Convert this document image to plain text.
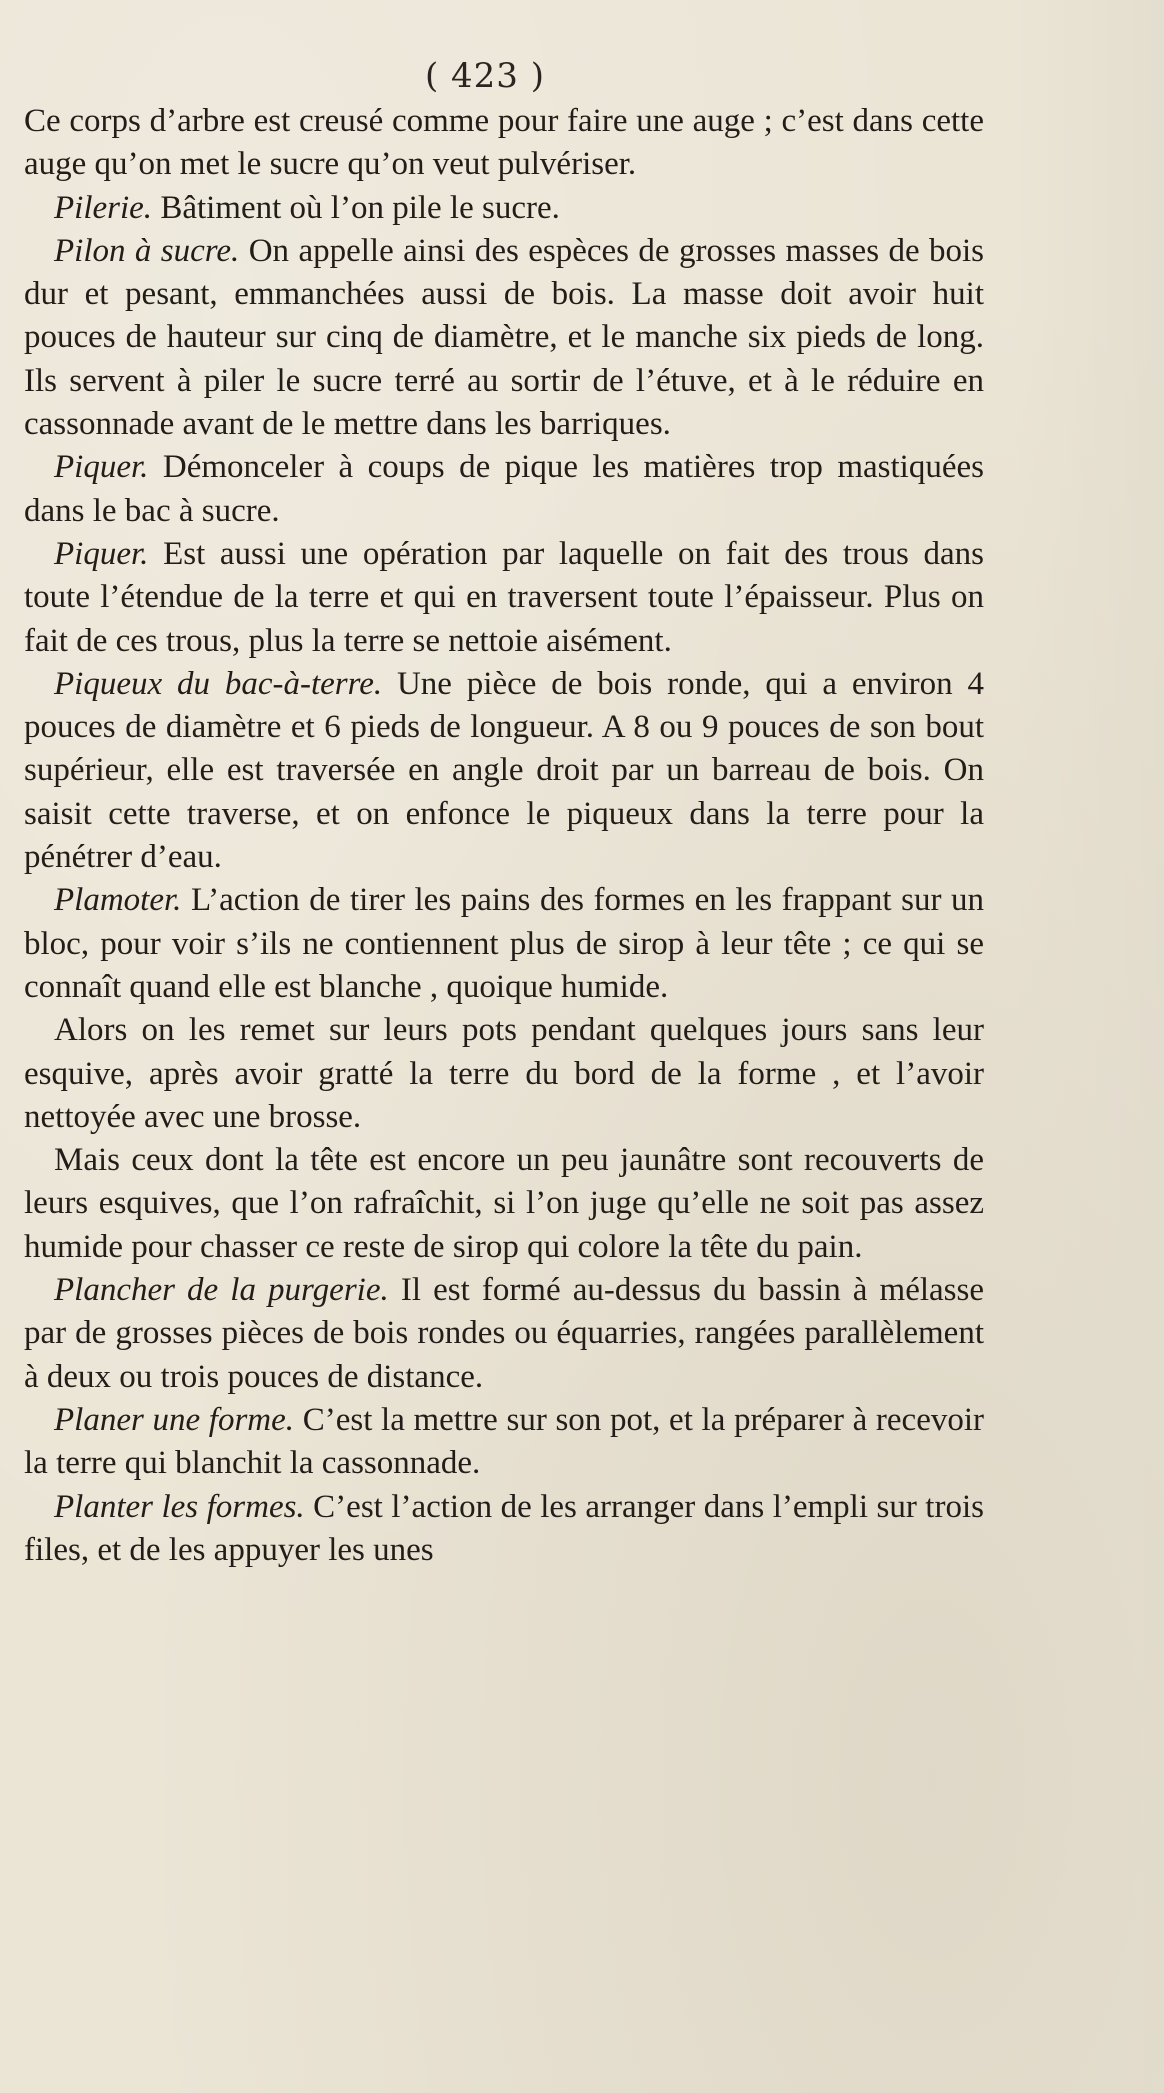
( 423 )

Ce corps d’arbre est creusé comme pour faire une auge ; c’est dans cette auge qu’on met le sucre qu’on veut pulvériser.

Pilerie. Bâtiment où l’on pile le sucre.

Pilon à sucre. On appelle ainsi des espèces de grosses masses de bois dur et pesant, emmanchées aussi de bois. La masse doit avoir huit pouces de hauteur sur cinq de diamètre, et le manche six pieds de long. Ils servent à piler le sucre terré au sortir de l’étuve, et à le réduire en cassonnade avant de le mettre dans les barriques.

Piquer. Démonceler à coups de pique les matières trop mastiquées dans le bac à sucre.

Piquer. Est aussi une opération par laquelle on fait des trous dans toute l’étendue de la terre et qui en traversent toute l’épaisseur. Plus on fait de ces trous, plus la terre se nettoie aisément.

Piqueux du bac-à-terre. Une pièce de bois ronde, qui a environ 4 pouces de diamètre et 6 pieds de longueur. A 8 ou 9 pouces de son bout supérieur, elle est traversée en angle droit par un barreau de bois. On saisit cette traverse, et on enfonce le piqueux dans la terre pour la pénétrer d’eau.

Plamoter. L’action de tirer les pains des formes en les frappant sur un bloc, pour voir s’ils ne contiennent plus de sirop à leur tête ; ce qui se connaît quand elle est blanche , quoique humide.

Alors on les remet sur leurs pots pendant quelques jours sans leur esquive, après avoir gratté la terre du bord de la forme , et l’avoir nettoyée avec une brosse.

Mais ceux dont la tête est encore un peu jaunâtre sont recouverts de leurs esquives, que l’on rafraîchit, si l’on juge qu’elle ne soit pas assez humide pour chasser ce reste de sirop qui colore la tête du pain.

Plancher de la purgerie. Il est formé au-dessus du bassin à mélasse par de grosses pièces de bois rondes ou équarries, rangées parallèlement à deux ou trois pouces de distance.

Planer une forme. C’est la mettre sur son pot, et la préparer à recevoir la terre qui blanchit la cassonnade.

Planter les formes. C’est l’action de les arranger dans l’empli sur trois files, et de les appuyer les unes
